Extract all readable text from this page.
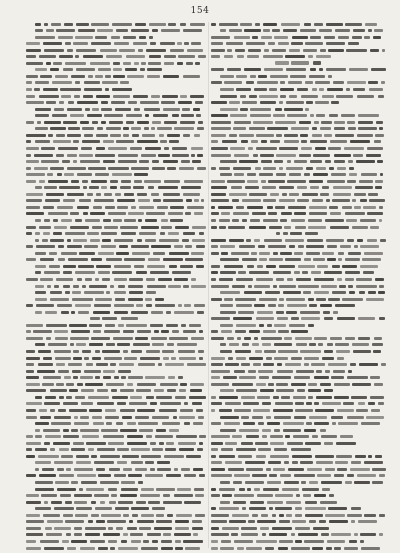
154
